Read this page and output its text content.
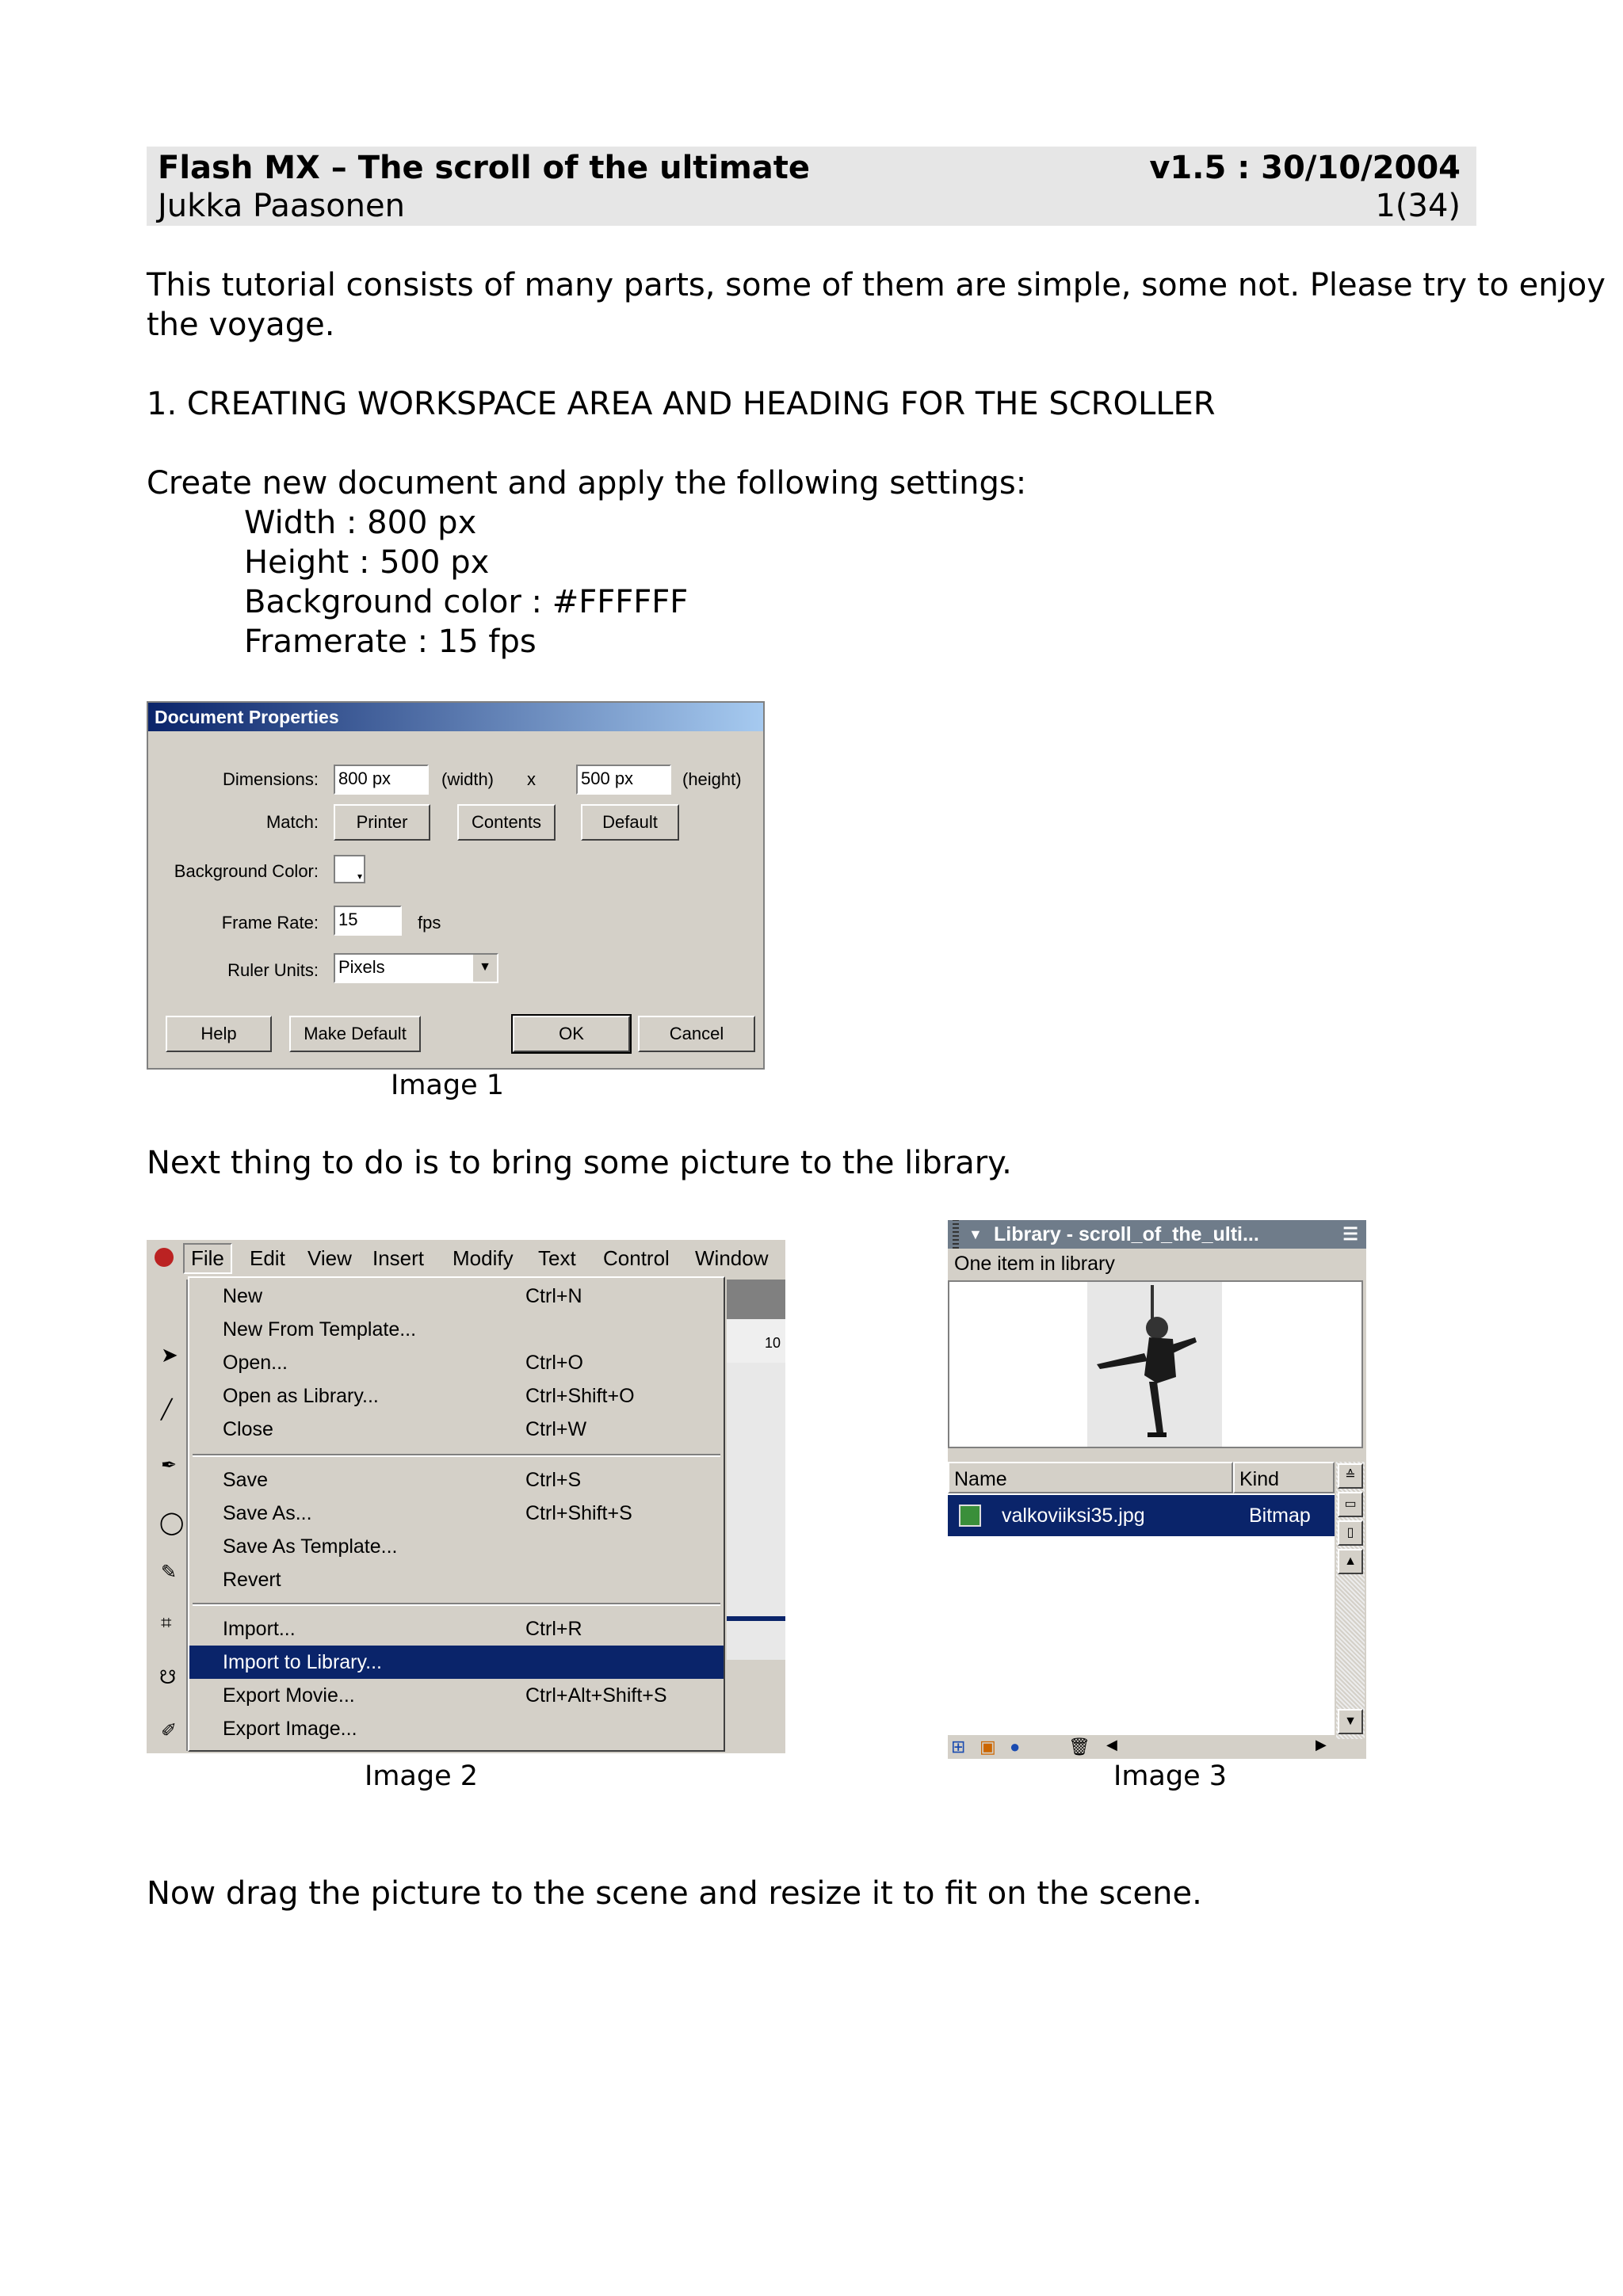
Flash MX – The scroll of the ultimate	v1.5 : 30/10/2004
Jukka Paasonen	1(34)
This tutorial consists of many parts, some of them are simple, some not. Please try to enjoy
the voyage.
1. CREATING WORKSPACE AREA AND HEADING FOR THE SCROLLER
Create new document and apply the following settings:
Width : 800 px
Height : 500 px
Background color : #FFFFFF
Framerate : 15 fps
Document Properties
Dimensions: 800 px	(width) x	500 px	(height)
Match:	Printer	Contents	Default
Background Color:	▾
Frame Rate: 15	fps
Ruler Units: Pixels	▼
Help	Make Default	OK	Cancel
Image 1
Next thing to do is to bring some picture to the library.
File	Edit View Insert Modify Text Control Window
➤
╱
✒
◯
✎
⌗
☋
✐
10
New	Ctrl+N
New From Template...
Open...	Ctrl+O
Open as Library...	Ctrl+Shift+O
Close	Ctrl+W
Save	Ctrl+S
Save As...	Ctrl+Shift+S
Save As Template...
Revert
Import...	Ctrl+R
Import to Library...
Export Movie...	Ctrl+Alt+Shift+S
Export Image...
Image 2
▼ Library - scroll_of_the_ulti...	☰
One item in library
Name	Kind
valkoviiksi35.jpg	Bitmap
≙
▭
▯
▲
▼
⊞ ▣ ●	🗑 ◀	▶
Image 3
Now drag the picture to the scene and resize it to fit on the scene.
